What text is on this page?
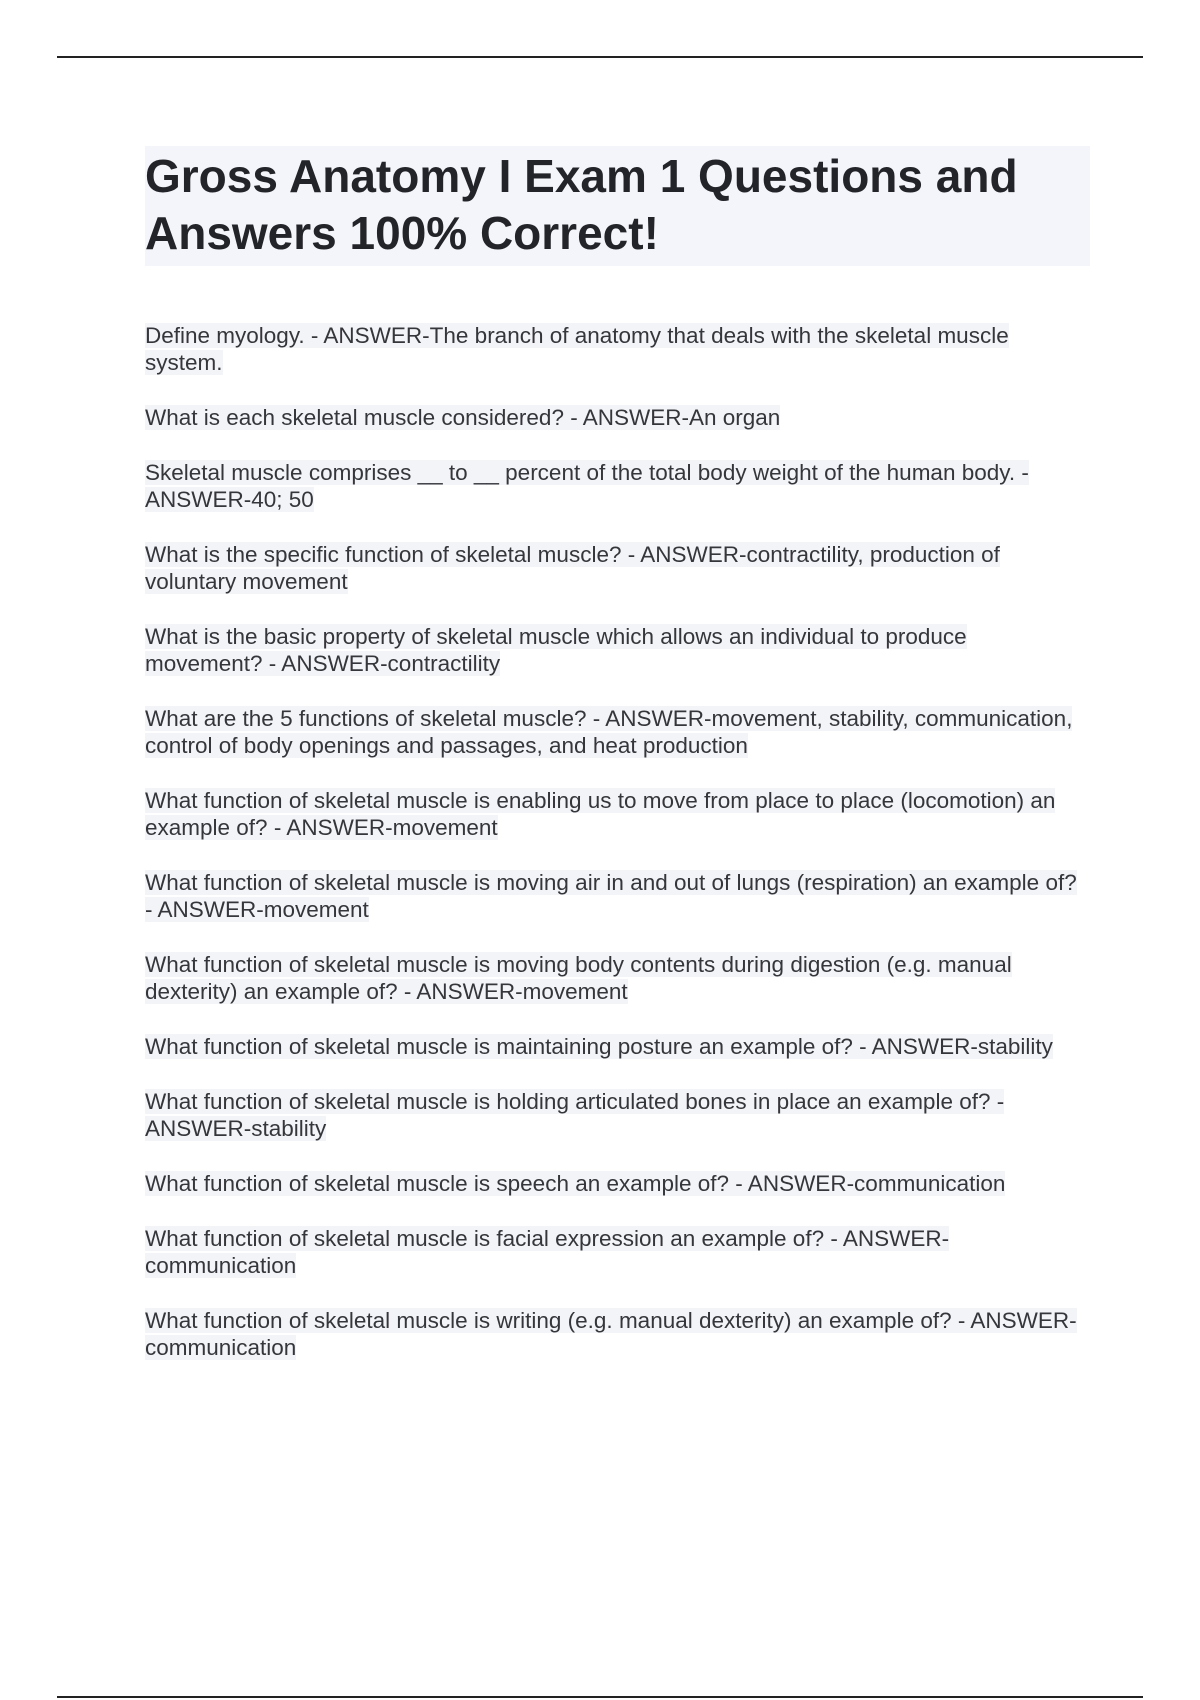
Gross Anatomy I Exam 1 Questions and Answers 100% Correct!

Define myology. - ANSWER-The branch of anatomy that deals with the skeletal muscle system.

What is each skeletal muscle considered? - ANSWER-An organ

Skeletal muscle comprises __ to __ percent of the total body weight of the human body. - ANSWER-40; 50

What is the specific function of skeletal muscle? - ANSWER-contractility, production of voluntary movement

What is the basic property of skeletal muscle which allows an individual to produce movement? - ANSWER-contractility

What are the 5 functions of skeletal muscle? - ANSWER-movement, stability, communication, control of body openings and passages, and heat production

What function of skeletal muscle is enabling us to move from place to place (locomotion) an example of? - ANSWER-movement

What function of skeletal muscle is moving air in and out of lungs (respiration) an example of? - ANSWER-movement

What function of skeletal muscle is moving body contents during digestion (e.g. manual dexterity) an example of? - ANSWER-movement

What function of skeletal muscle is maintaining posture an example of? - ANSWER-stability

What function of skeletal muscle is holding articulated bones in place an example of? - ANSWER-stability

What function of skeletal muscle is speech an example of? - ANSWER-communication

What function of skeletal muscle is facial expression an example of? - ANSWER-communication

What function of skeletal muscle is writing (e.g. manual dexterity) an example of? - ANSWER-communication
